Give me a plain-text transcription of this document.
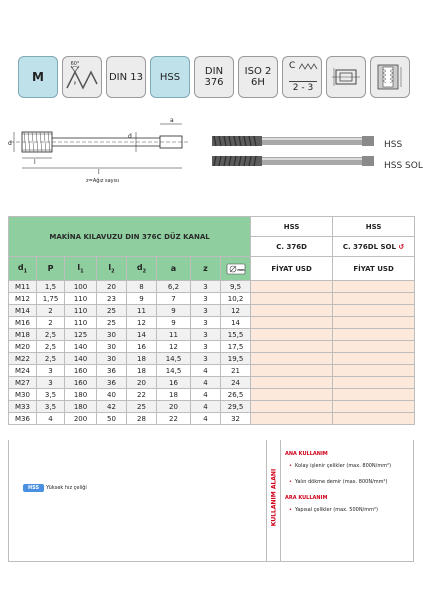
M
60°
P
DIN 13 HSS DIN
376
ISO 2
6H
C
2 - 3
d
l
l
d
a
z=Ağız sayısı
HSS
HSS SOL
MAKİNA KILAVUZU DIN 376C DÜZ KANAL								HSS	HSS
								C. 376D	C. 376DL SOL ↺
$d_1$	P	$l_1$	$l_2$	$d_2$	a	z	mm	FİYAT USD	FİYAT USD
M11	1,5	100	20	8	6,2	3	9,5		
M12	1,75	110	23	9	7	3	10,2		
M14	2	110	25	11	9	3	12		
M16	2	110	25	12	9	3	14		
M18	2,5	125	30	14	11	3	15,5		
M20	2,5	140	30	16	12	3	17,5		
M22	2,5	140	30	18	14,5	3	19,5		
M24	3	160	36	18	14,5	4	21		
M27	3	160	36	20	16	4	24		
M30	3,5	180	40	22	18	4	26,5		
M33	3,5	180	42	25	20	4	29,5		
M36	4	200	50	28	22	4	32		
HSS	Yüksek hız çeliği	KULLANIM ALANI
ANA KULLANIM
• Kolay işlenir çelikler (max. 800N/mm²)
• Yalın dökme demir (max. 800N/mm²)
ARA KULLANIM
• Yapısal çelikler (max. 500N/mm²)
